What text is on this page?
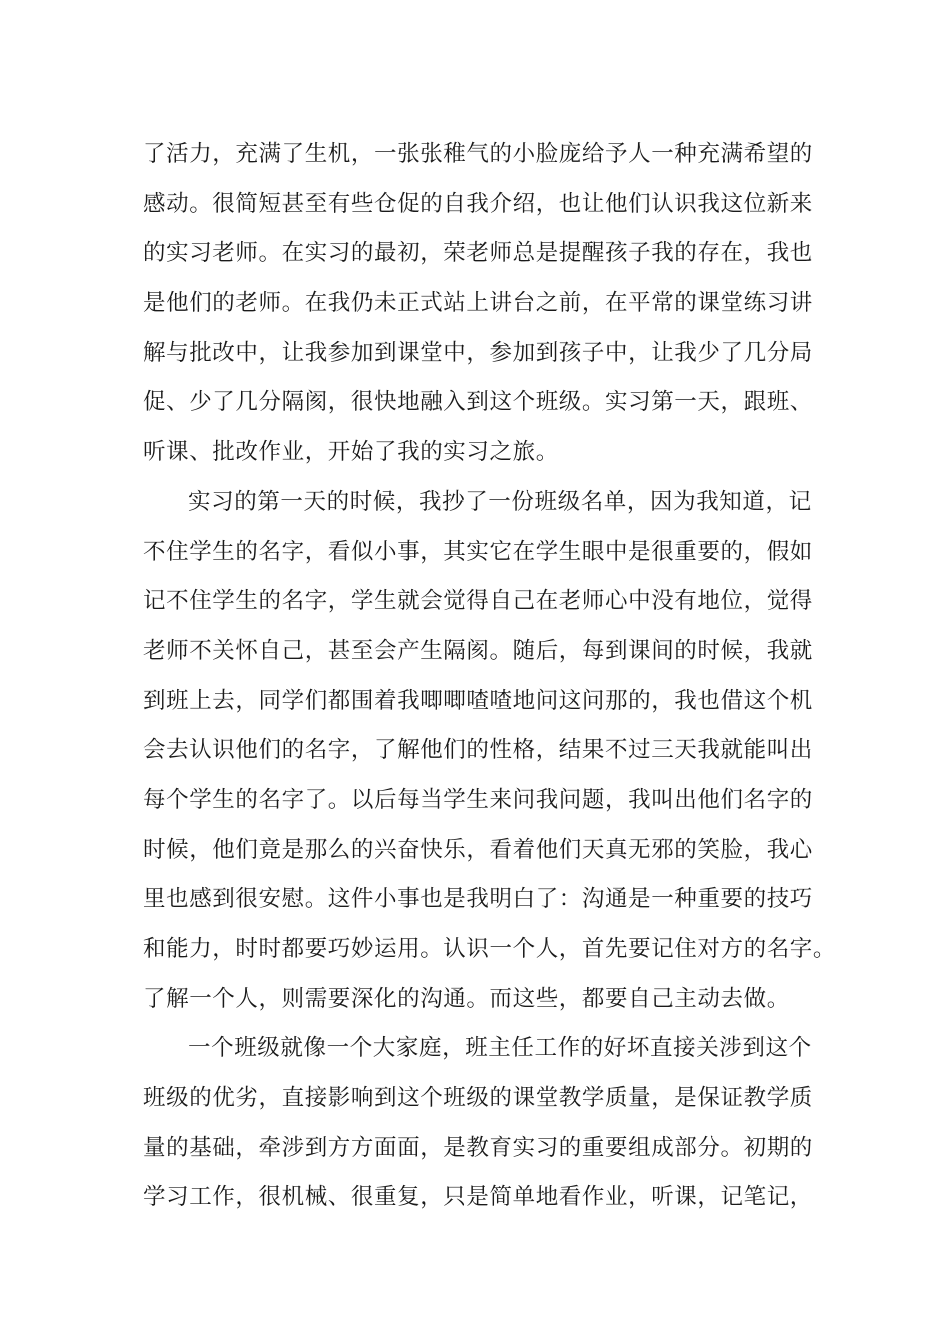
了活力，充满了生机，一张张稚气的小脸庞给予人一种充满希望的
感动。很简短甚至有些仓促的自我介绍，也让他们认识我这位新来
的实习老师。在实习的最初，荣老师总是提醒孩子我的存在，我也
是他们的老师。在我仍未正式站上讲台之前，在平常的课堂练习讲
解与批改中，让我参加到课堂中，参加到孩子中，让我少了几分局
促、少了几分隔阂，很快地融入到这个班级。实习第一天，跟班、
听课、批改作业，开始了我的实习之旅。
实习的第一天的时候，我抄了一份班级名单，因为我知道，记
不住学生的名字，看似小事，其实它在学生眼中是很重要的，假如
记不住学生的名字，学生就会觉得自己在老师心中没有地位，觉得
老师不关怀自己，甚至会产生隔阂。随后，每到课间的时候，我就
到班上去，同学们都围着我唧唧喳喳地问这问那的，我也借这个机
会去认识他们的名字，了解他们的性格，结果不过三天我就能叫出
每个学生的名字了。以后每当学生来问我问题，我叫出他们名字的
时候，他们竟是那么的兴奋快乐，看着他们天真无邪的笑脸，我心
里也感到很安慰。这件小事也是我明白了：沟通是一种重要的技巧
和能力，时时都要巧妙运用。认识一个人，首先要记住对方的名字。
了解一个人，则需要深化的沟通。而这些，都要自己主动去做。
一个班级就像一个大家庭，班主任工作的好坏直接关涉到这个
班级的优劣，直接影响到这个班级的课堂教学质量，是保证教学质
量的基础，牵涉到方方面面，是教育实习的重要组成部分。初期的
学习工作，很机械、很重复，只是简单地看作业，听课，记笔记，
